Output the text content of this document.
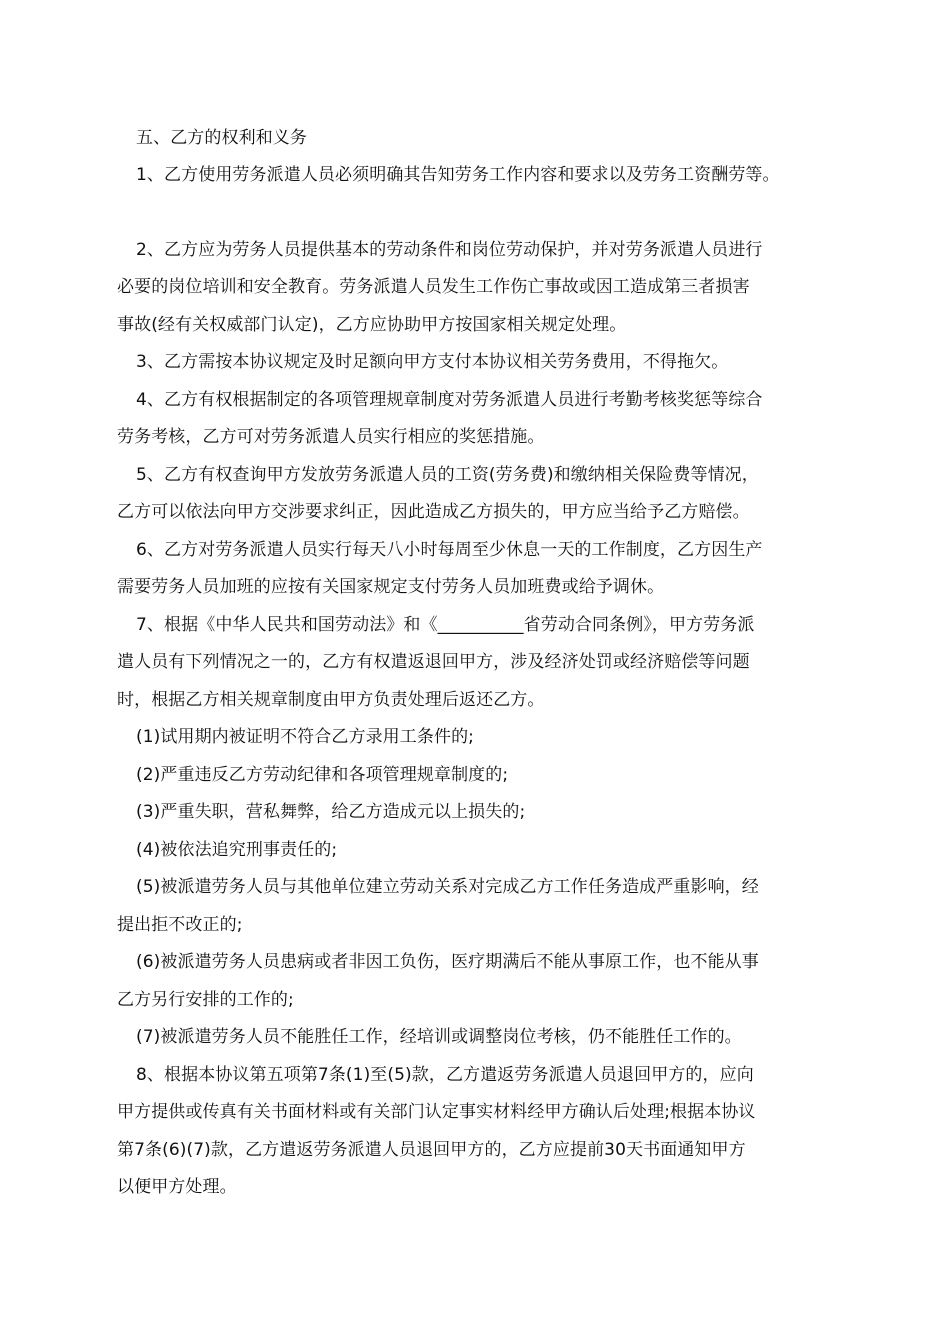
五、乙方的权利和义务
1、乙方使用劳务派遣人员必须明确其告知劳务工作内容和要求以及劳务工资酬劳等。
2、乙方应为劳务人员提供基本的劳动条件和岗位劳动保护，并对劳务派遣人员进行
必要的岗位培训和安全教育。劳务派遣人员发生工作伤亡事故或因工造成第三者损害
事故(经有关权威部门认定)，乙方应协助甲方按国家相关规定处理。
3、乙方需按本协议规定及时足额向甲方支付本协议相关劳务费用，不得拖欠。
4、乙方有权根据制定的各项管理规章制度对劳务派遣人员进行考勤考核奖惩等综合
劳务考核，乙方可对劳务派遣人员实行相应的奖惩措施。
5、乙方有权查询甲方发放劳务派遣人员的工资(劳务费)和缴纳相关保险费等情况，
乙方可以依法向甲方交涉要求纠正，因此造成乙方损失的，甲方应当给予乙方赔偿。
6、乙方对劳务派遣人员实行每天八小时每周至少休息一天的工作制度，乙方因生产
需要劳务人员加班的应按有关国家规定支付劳务人员加班费或给予调休。
7、根据《中华人民共和国劳动法》和《__________省劳动合同条例》，甲方劳务派
遣人员有下列情况之一的，乙方有权遣返退回甲方，涉及经济处罚或经济赔偿等问题
时，根据乙方相关规章制度由甲方负责处理后返还乙方。
(1)试用期内被证明不符合乙方录用工条件的;
(2)严重违反乙方劳动纪律和各项管理规章制度的;
(3)严重失职，营私舞弊，给乙方造成元以上损失的;
(4)被依法追究刑事责任的;
(5)被派遣劳务人员与其他单位建立劳动关系对完成乙方工作任务造成严重影响，经
提出拒不改正的;
(6)被派遣劳务人员患病或者非因工负伤，医疗期满后不能从事原工作，也不能从事
乙方另行安排的工作的;
(7)被派遣劳务人员不能胜任工作，经培训或调整岗位考核，仍不能胜任工作的。
8、根据本协议第五项第7条(1)至(5)款，乙方遣返劳务派遣人员退回甲方的，应向
甲方提供或传真有关书面材料或有关部门认定事实材料经甲方确认后处理;根据本协议
第7条(6)(7)款，乙方遣返劳务派遣人员退回甲方的，乙方应提前30天书面通知甲方
以便甲方处理。
